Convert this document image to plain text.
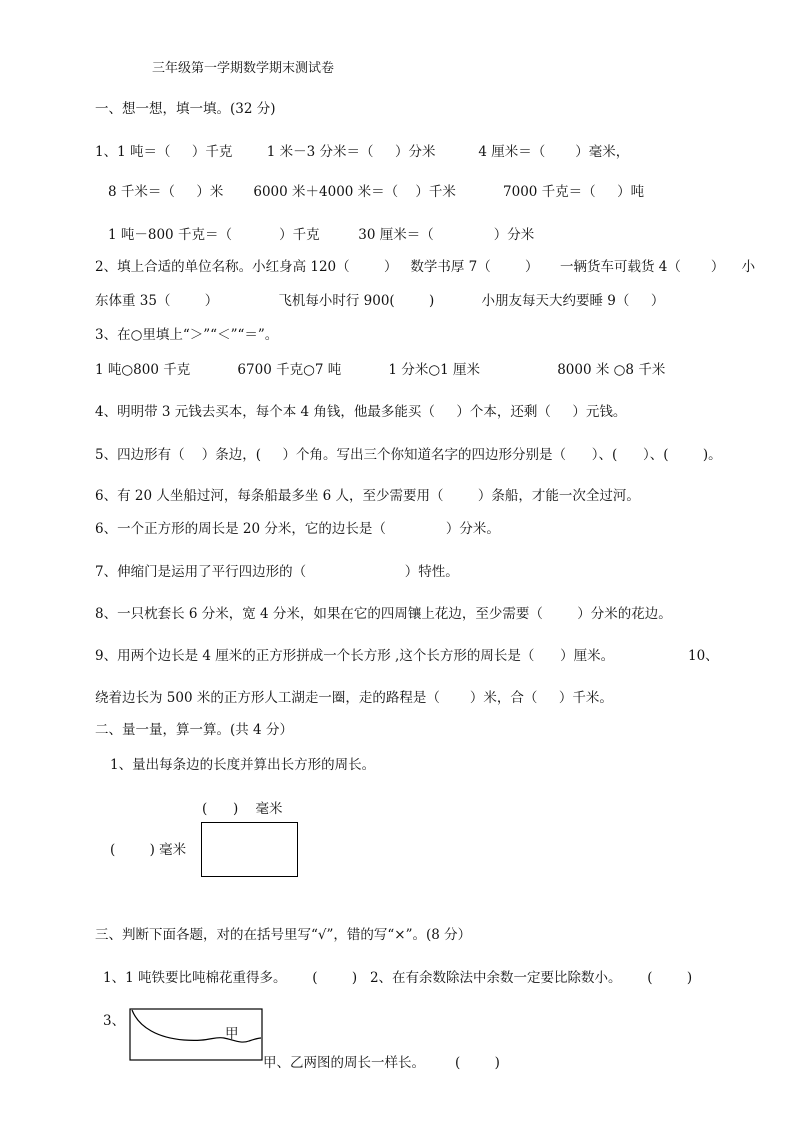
三年级第一学期数学期末测试卷
一、想一想，填一填。(32 分)
1、1 吨＝（     ）千克        1 米－3 分米＝（     ）分米          4 厘米＝（       ）毫米，
8 千米＝（     ）米       6000 米＋4000 米＝（    ）千米           7000 千克＝（     ）吨
1 吨－800 千克＝（           ）千克         30 厘米＝（              ）分米
2、填上合适的单位名称。小红身高 120（        ）   数学书厚 7（        ）     一辆货车可载货 4（       ）    小
东体重 35（        ）              飞机每小时行 900(        )           小朋友每天大约要睡 9（     ）
3、在○里填上“＞”“＜”“＝”。
1 吨○800 千克           6700 千克○7 吨           1 分米○1 厘米                  8000 米 ○8 千米
4、明明带 3 元钱去买本，每个本 4 角钱，他最多能买（     ）个本，还剩（     ）元钱。
5、四边形有（    ）条边，(     ）个角。写出三个你知道名字的四边形分别是（      ）、(      ）、(        )。
6、有 20 人坐船过河，每条船最多坐 6 人，至少需要用（        ）条船，才能一次全过河。
6、一个正方形的周长是 20 分米，它的边长是（              ）分米。
7、伸缩门是运用了平行四边形的（                       ）特性。
8、一只枕套长 6 分米，宽 4 分米，如果在它的四周镶上花边，至少需要（        ）分米的花边。
9、用两个边长是 4 厘米的正方形拼成一个长方形 ,这个长方形的周长是（      ）厘米。	10、
绕着边长为 500 米的正方形人工湖走一圈，走的路程是（       ）米，合（     ）千米。
二、量一量，算一算。(共 4 分）
1、量出每条边的长度并算出长方形的周长。
(      )    毫米
(        ) 毫米
三、判断下面各题，对的在括号里写“√”，错的写“×”。(8 分）
1、1 吨铁要比吨棉花重得多。      (        )   2、在有余数除法中余数一定要比除数小。      (        )
3、
甲
甲、乙两图的周长一样长。       (        )
